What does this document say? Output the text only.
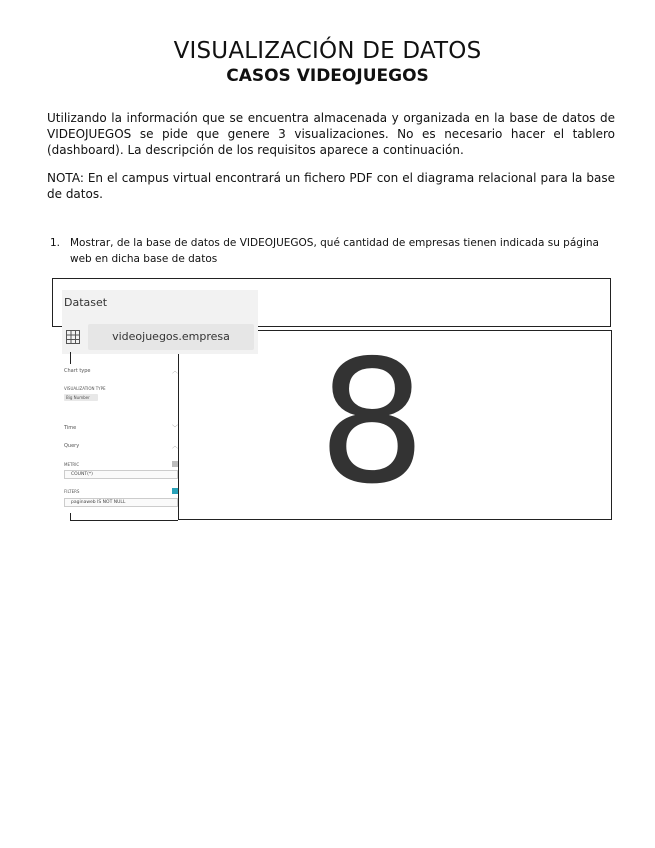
VISUALIZACIÓN DE DATOS
CASOS VIDEOJUEGOS

Utilizando la información que se encuentra almacenada y organizada en la base de datos de VIDEOJUEGOS se pide que genere 3 visualizaciones. No es necesario hacer el tablero (dashboard). La descripción de los requisitos aparece a continuación.

NOTA: En el campus virtual encontrará un fichero PDF con el diagrama relacional para la base de datos.

1. Mostrar, de la base de datos de VIDEOJUEGOS, qué cantidad de empresas tienen indicada su página web en dicha base de datos
8
Dataset
videojuegos.empresa
Chart type	︿
VISUALIZATION TYPE
Big Number
Time	﹀
Query	︿
METRIC
COUNT(*)
FILTERS
paginaweb IS NOT NULL
